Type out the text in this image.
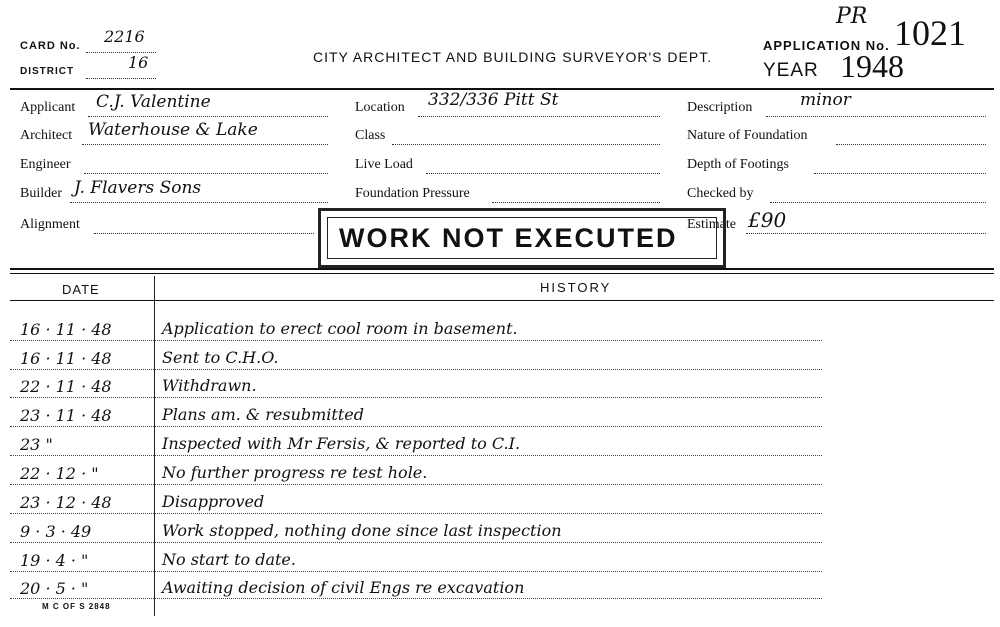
CARD No. 2216
DISTRICT	16	CITY ARCHITECT AND BUILDING SURVEYOR'S DEPT.
APPLICATION No.
PR 1021
YEAR 1948
Applicant C.J. Valentine
Architect Waterhouse & Lake
Engineer
Builder J. Flavers Sons
Alignment
Location 332/336 Pitt St
Class
Live Load
Foundation Pressure
Description	minor
Nature of Foundation
Depth of Footings
Checked by
Estimate £90
WORK NOT EXECUTED
DATE	HISTORY
16 · 11 · 48	Application to erect cool room in basement.
16 · 11 · 48	Sent to C.H.O.
22 · 11 · 48	Withdrawn.
23 · 11 · 48	Plans am. & resubmitted
23 "	Inspected with Mr Fersis, & reported to C.I.
22 · 12 · "	No further progress re test hole.
23 · 12 · 48	Disapproved
9 · 3 · 49	Work stopped, nothing done since last inspection
19 · 4 · "	No start to date.
20 · 5 · "	Awaiting decision of civil Engs re excavation
M C OF S 2848
